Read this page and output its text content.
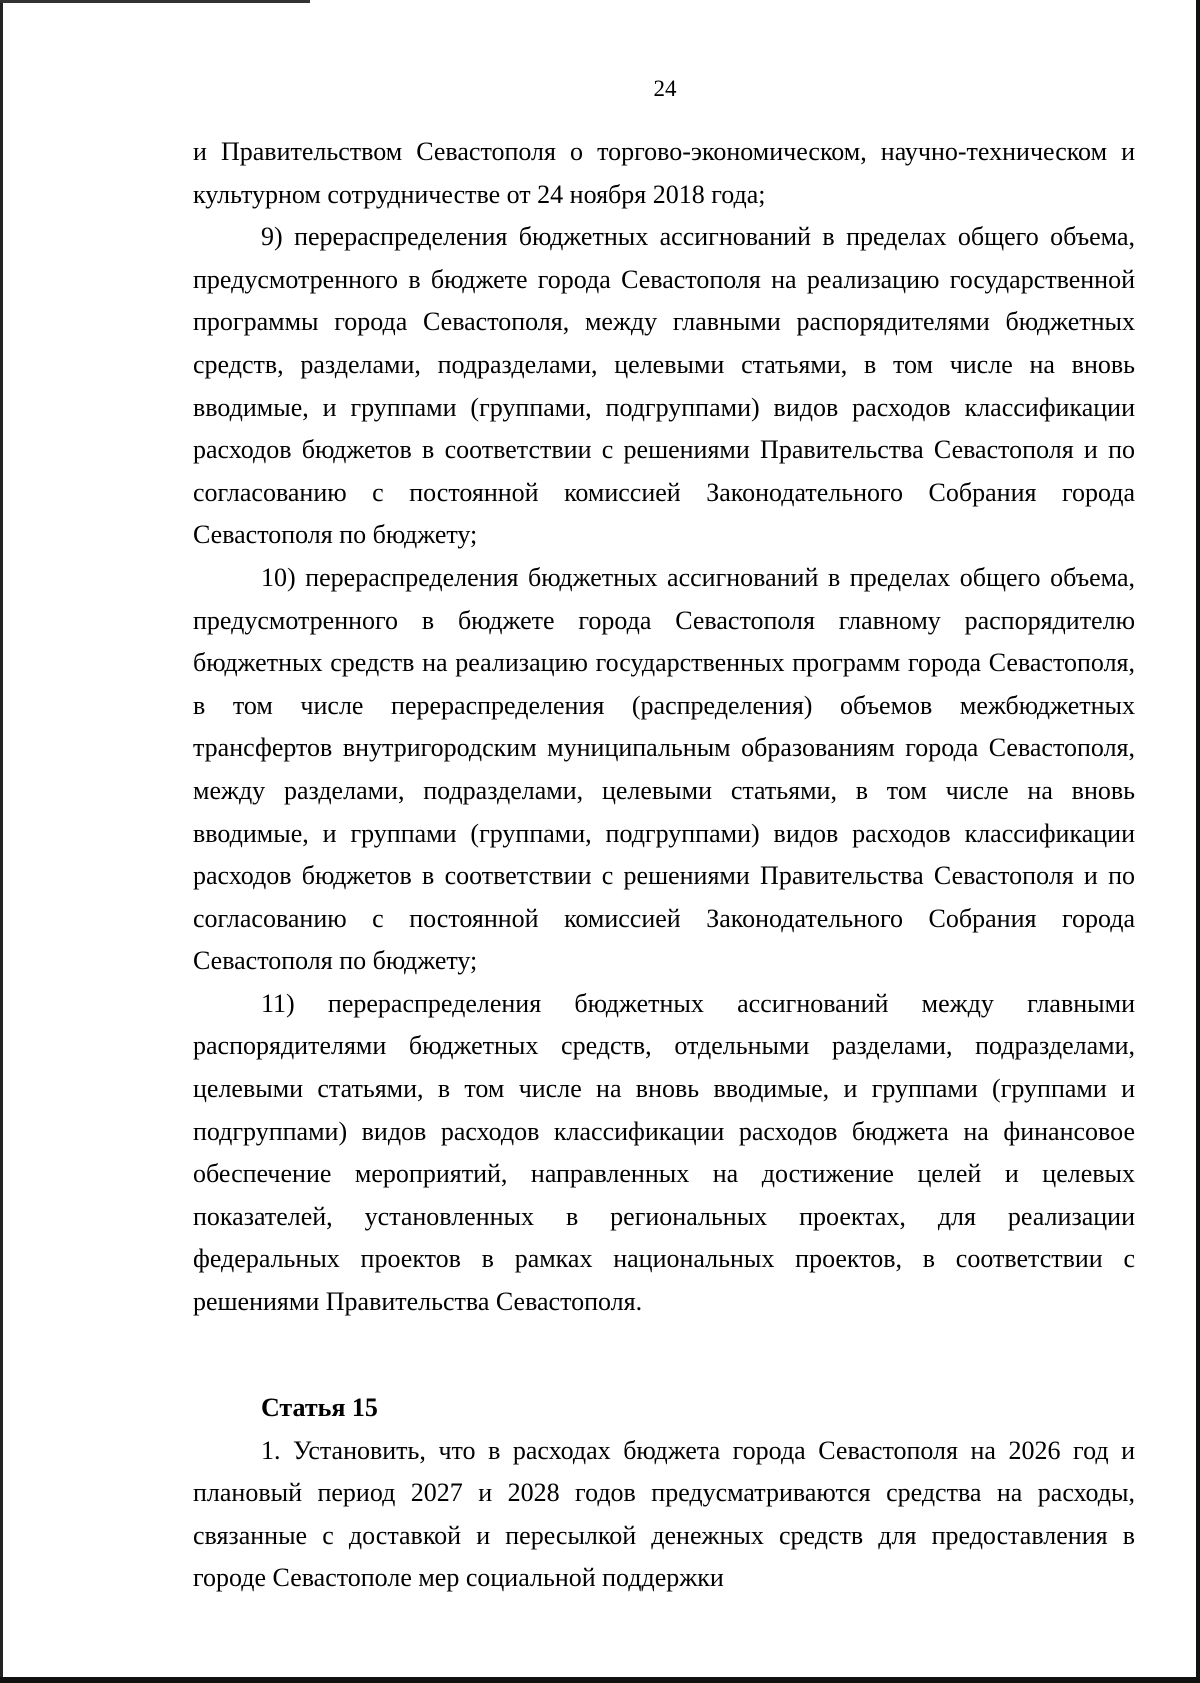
24

и Правительством Севастополя о торгово-экономическом, научно-техническом и культурном сотрудничестве от 24 ноября 2018 года;

9) перераспределения бюджетных ассигнований в пределах общего объема, предусмотренного в бюджете города Севастополя на реализацию государственной программы города Севастополя, между главными распорядителями бюджетных средств, разделами, подразделами, целевыми статьями, в том числе на вновь вводимые, и группами (группами, подгруппами) видов расходов классификации расходов бюджетов в соответствии с решениями Правительства Севастополя и по согласованию с постоянной комиссией Законодательного Собрания города Севастополя по бюджету;

10) перераспределения бюджетных ассигнований в пределах общего объема, предусмотренного в бюджете города Севастополя главному распорядителю бюджетных средств на реализацию государственных программ города Севастополя, в том числе перераспределения (распределения) объемов межбюджетных трансфертов внутригородским муниципальным образованиям города Севастополя, между разделами, подразделами, целевыми статьями, в том числе на вновь вводимые, и группами (группами, подгруппами) видов расходов классификации расходов бюджетов в соответствии с решениями Правительства Севастополя и по согласованию с постоянной комиссией Законодательного Собрания города Севастополя по бюджету;

11) перераспределения бюджетных ассигнований между главными распорядителями бюджетных средств, отдельными разделами, подразделами, целевыми статьями, в том числе на вновь вводимые, и группами (группами и подгруппами) видов расходов классификации расходов бюджета на финансовое обеспечение мероприятий, направленных на достижение целей и целевых показателей, установленных в региональных проектах, для реализации федеральных проектов в рамках национальных проектов, в соответствии с решениями Правительства Севастополя.

Статья 15

1. Установить, что в расходах бюджета города Севастополя на 2026 год и плановый период 2027 и 2028 годов предусматриваются средства на расходы, связанные с доставкой и пересылкой денежных средств для предоставления в городе Севастополе мер социальной поддержки
